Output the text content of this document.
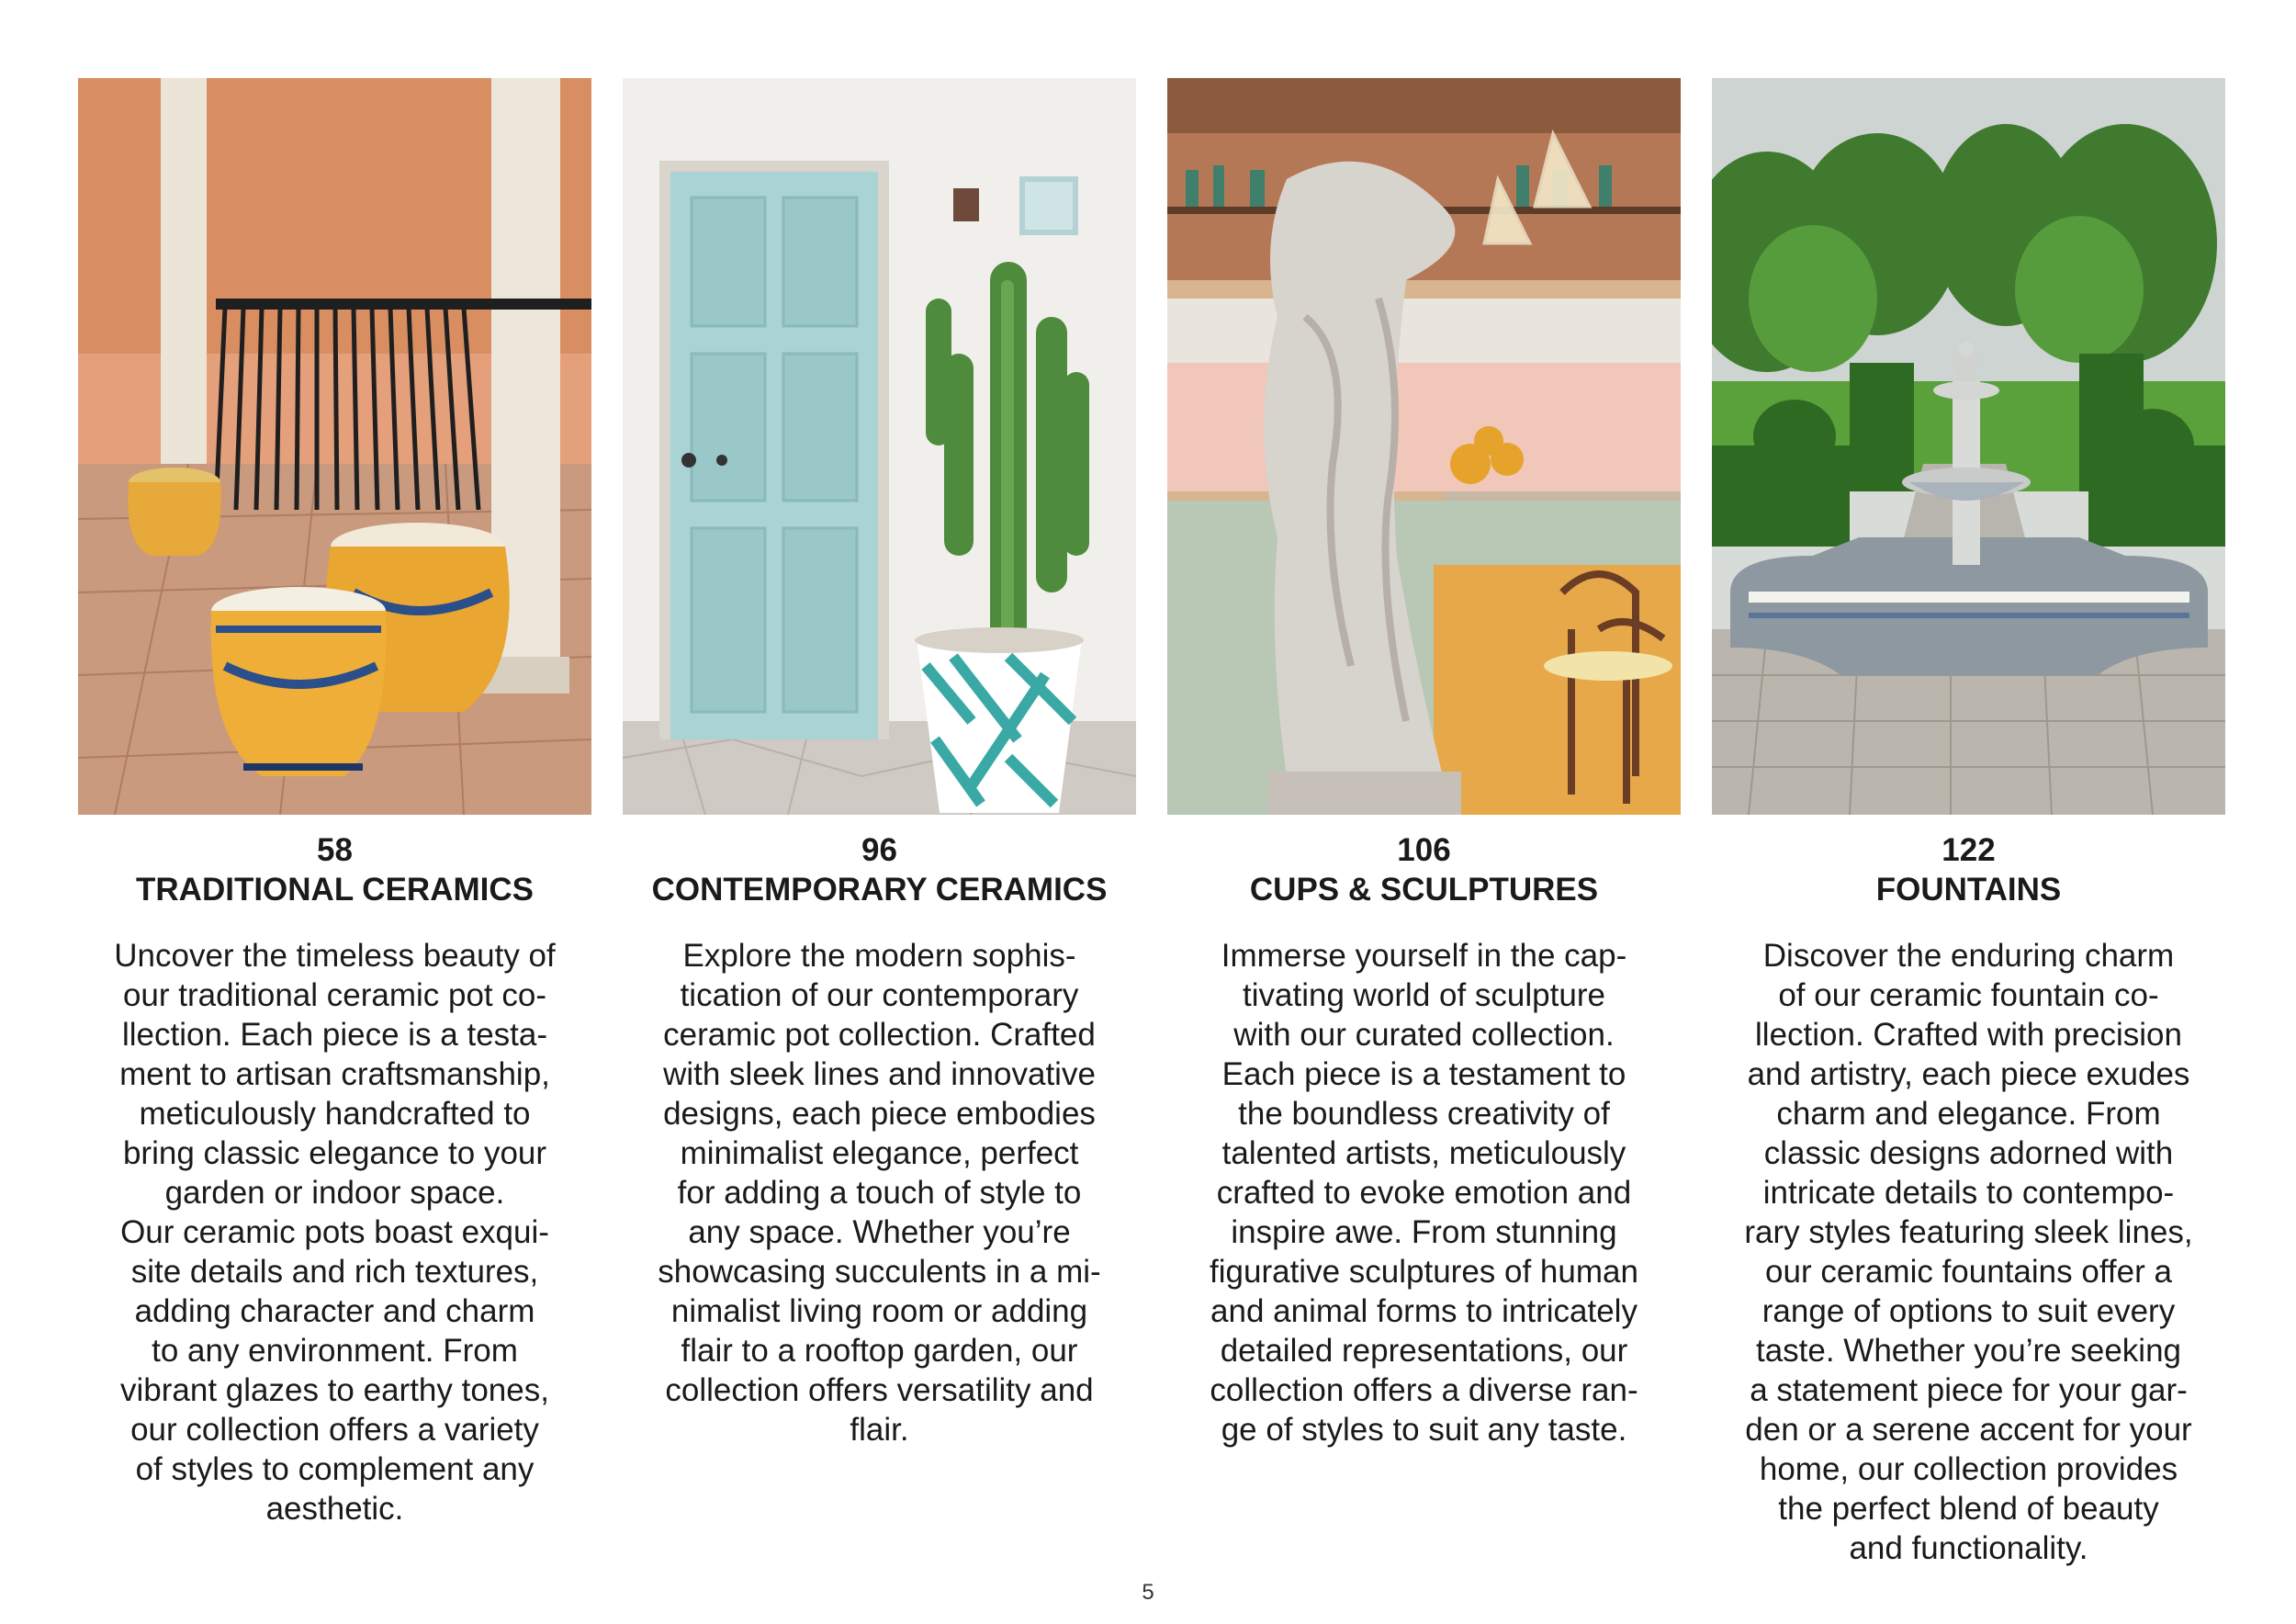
58
TRADITIONAL CERAMICS
Uncover the timeless beauty of
our traditional ceramic pot co-
llection. Each piece is a testa-
ment to artisan craftsmanship,
meticulously handcrafted to
bring classic elegance to your
garden or indoor space.
Our ceramic pots boast exqui-
site details and rich textures,
adding character and charm
to any environment. From
vibrant glazes to earthy tones,
our collection offers a variety
of styles to complement any
aesthetic.
96
CONTEMPORARY CERAMICS
Explore the modern sophis-
tication of our contemporary
ceramic pot collection. Crafted
with sleek lines and innovative
designs, each piece embodies
minimalist elegance, perfect
for adding a touch of style to
any space. Whether you’re
showcasing succulents in a mi-
nimalist living room or adding
flair to a rooftop garden, our
collection offers versatility and
flair.
106
CUPS & SCULPTURES
Immerse yourself in the cap-
tivating world of sculpture
with our curated collection.
Each piece is a testament to
the boundless creativity of
talented artists, meticulously
crafted to evoke emotion and
inspire awe. From stunning
figurative sculptures of human
and animal forms to intricately
detailed representations, our
collection offers a diverse ran-
ge of styles to suit any taste.
122
FOUNTAINS
Discover the enduring charm
of our ceramic fountain co-
llection. Crafted with precision
and artistry, each piece exudes
charm and elegance. From
classic designs adorned with
intricate details to contempo-
rary styles featuring sleek lines,
our ceramic fountains offer a
range of options to suit every
taste. Whether you’re seeking
a statement piece for your gar-
den or a serene accent for your
home, our collection provides
the perfect blend of beauty
and functionality.
5
